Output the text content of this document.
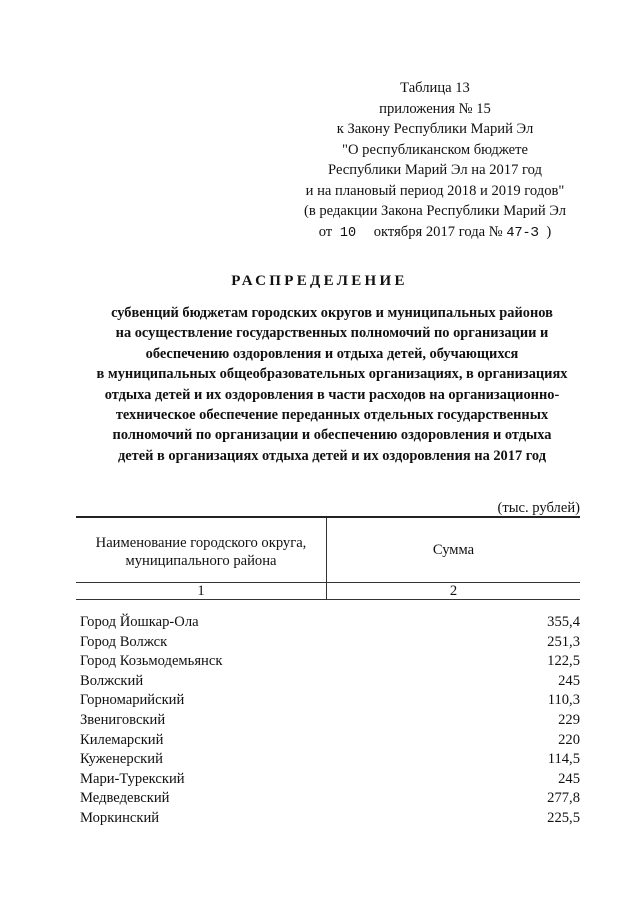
Таблица 13
приложения № 15
к Закону Республики Марий Эл
"О республиканском бюджете
Республики Марий Эл на 2017 год
и на плановый период 2018 и 2019 годов"
(в редакции Закона Республики Марий Эл
от 10 октября 2017 года № 47-З )
РАСПРЕДЕЛЕНИЕ
субвенций бюджетам городских округов и муниципальных районов
на осуществление государственных полномочий по организации и
обеспечению оздоровления и отдыха детей, обучающихся
в муниципальных общеобразовательных организациях, в организациях
отдыха детей и их оздоровления в части расходов на организационно-
техническое обеспечение переданных отдельных государственных
полномочий по организации и обеспечению оздоровления и отдыха
детей в организациях отдыха детей и их оздоровления на 2017 год
(тыс. рублей)
Наименование городского округа,
муниципального района
Сумма
1	2
Город Йошкар-Ола	355,4
Город Волжск	251,3
Город Козьмодемьянск	122,5
Волжский	245
Горномарийский	110,3
Звениговский	229
Килемарский	220
Куженерский	114,5
Мари-Турекский	245
Медведевский	277,8
Моркинский	225,5
